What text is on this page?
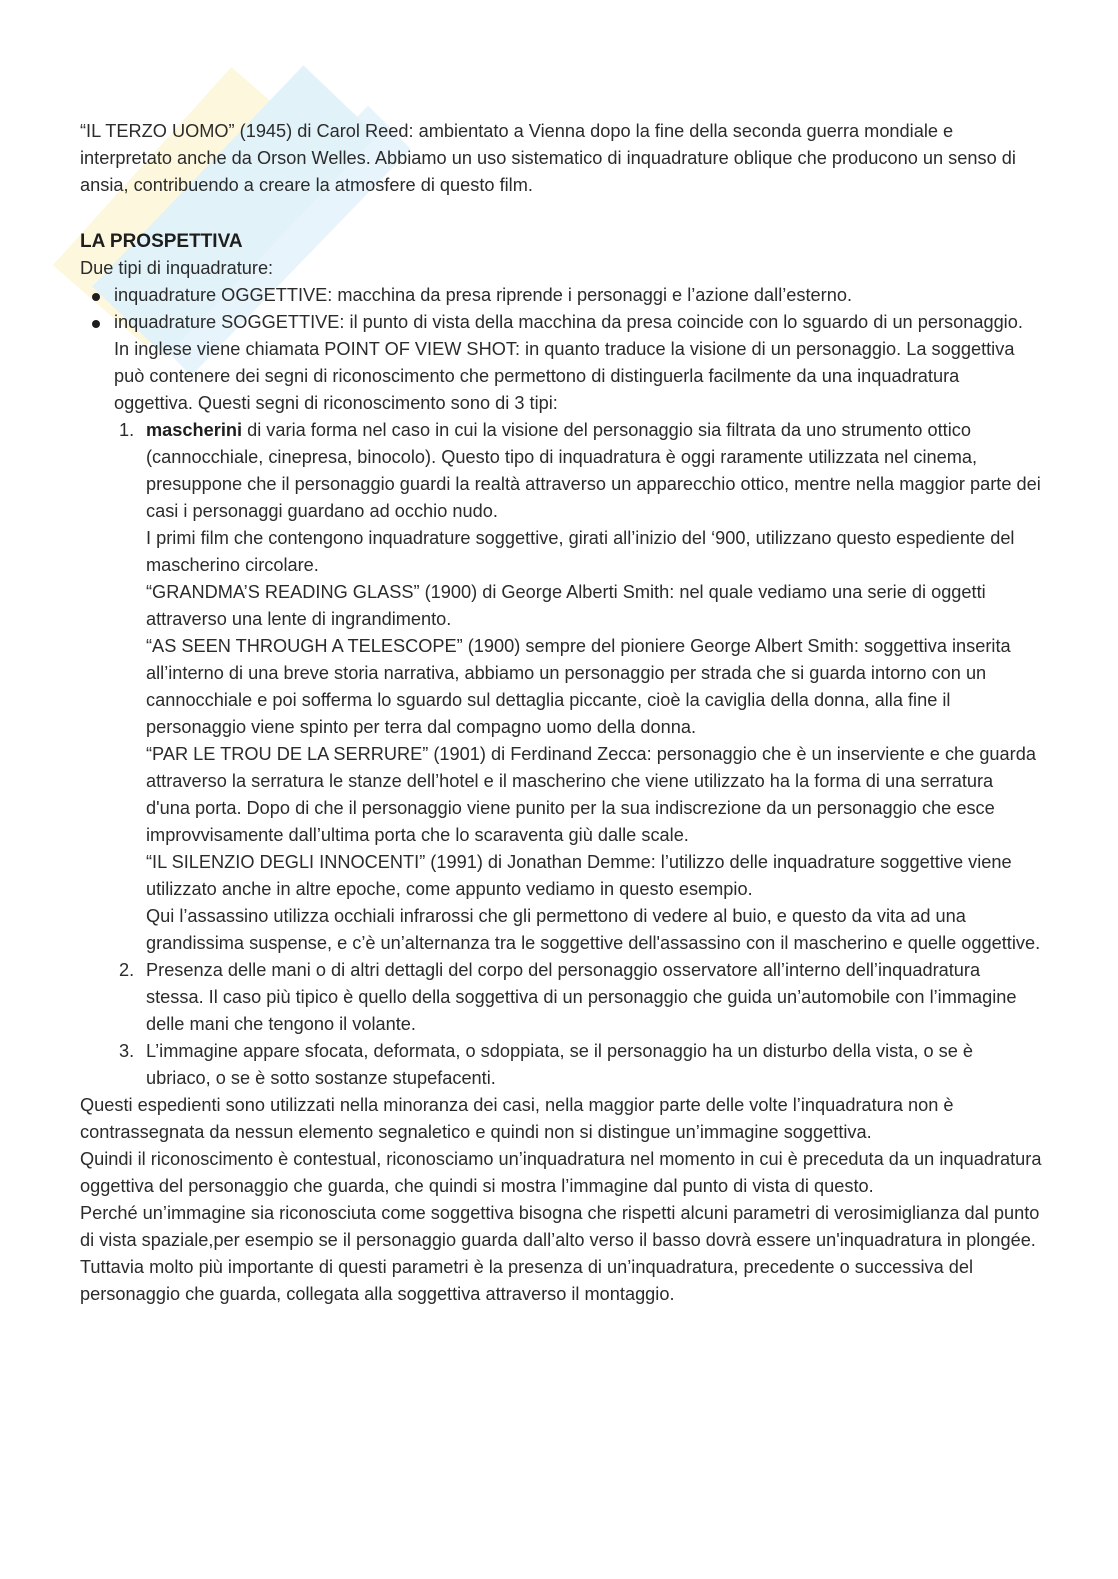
“IL TERZO UOMO” (1945) di Carol Reed: ambientato a Vienna dopo la fine della seconda guerra mondiale e interpretato anche da Orson Welles. Abbiamo un uso sistematico di inquadrature oblique che producono un senso di ansia, contribuendo a creare la atmosfere di questo film.

LA PROSPETTIVA

Due tipi di inquadrature:

inquadrature OGGETTIVE: macchina da presa riprende i personaggi e l’azione dall’esterno.
inquadrature SOGGETTIVE: il punto di vista della macchina da presa coincide con lo sguardo di un personaggio. In inglese viene chiamata POINT OF VIEW SHOT: in quanto traduce la visione di un personaggio. La soggettiva può contenere dei segni di riconoscimento che permettono di distinguerla facilmente da una inquadratura oggettiva. Questi segni di riconoscimento sono di 3 tipi:
1. mascherini di varia forma nel caso in cui la visione del personaggio sia filtrata da uno strumento ottico (cannocchiale, cinepresa, binocolo). Questo tipo di inquadratura è oggi raramente utilizzata nel cinema, presuppone che il personaggio guardi la realtà attraverso un apparecchio ottico, mentre nella maggior parte dei casi i personaggi guardano ad occhio nudo.

I primi film che contengono inquadrature soggettive, girati all’inizio del ‘900, utilizzano questo espediente del mascherino circolare.

“GRANDMA’S READING GLASS” (1900) di George Alberti Smith: nel quale vediamo una serie di oggetti attraverso una lente di ingrandimento.

“AS SEEN THROUGH A TELESCOPE” (1900) sempre del pioniere George Albert Smith: soggettiva inserita all’interno di una breve storia narrativa, abbiamo un personaggio per strada che si guarda intorno con un cannocchiale e poi sofferma lo sguardo sul dettaglia piccante, cioè la caviglia della donna, alla fine il personaggio viene spinto per terra dal compagno uomo della donna.

“PAR LE TROU DE LA SERRURE” (1901) di Ferdinand Zecca: personaggio che è un inserviente e che guarda attraverso la serratura le stanze dell’hotel e il mascherino che viene utilizzato ha la forma di una serratura d'una porta. Dopo di che il personaggio viene punito per la sua indiscrezione da un personaggio che esce improvvisamente dall’ultima porta che lo scaraventa giù dalle scale.

“IL SILENZIO DEGLI INNOCENTI” (1991) di Jonathan Demme: l’utilizzo delle inquadrature soggettive viene utilizzato anche in altre epoche, come appunto vediamo in questo esempio.

Qui l’assassino utilizza occhiali infrarossi che gli permettono di vedere al buio, e questo da vita ad una grandissima suspense, e c’è un’alternanza tra le soggettive dell'assassino con il mascherino e quelle oggettive.

2. Presenza delle mani o di altri dettagli del corpo del personaggio osservatore all’interno dell’inquadratura stessa. Il caso più tipico è quello della soggettiva di un personaggio che guida un’automobile con l’immagine delle mani che tengono il volante.

3. L’immagine appare sfocata, deformata, o sdoppiata, se il personaggio ha un disturbo della vista, o se è ubriaco, o se è sotto sostanze stupefacenti.

Questi espedienti sono utilizzati nella minoranza dei casi, nella maggior parte delle volte l’inquadratura non è contrassegnata da nessun elemento segnaletico e quindi non si distingue un’immagine soggettiva.

Quindi il riconoscimento è contestual, riconosciamo un’inquadratura nel momento in cui è preceduta da un inquadratura oggettiva del personaggio che guarda, che quindi si mostra l’immagine dal punto di vista di questo.

Perché un’immagine sia riconosciuta come soggettiva bisogna che rispetti alcuni parametri di verosimiglianza dal punto di vista spaziale,per esempio se il personaggio guarda dall’alto verso il basso dovrà essere un'inquadratura in plongée. Tuttavia molto più importante di questi parametri è la presenza di un’inquadratura, precedente o successiva del personaggio che guarda, collegata alla soggettiva attraverso il montaggio.
